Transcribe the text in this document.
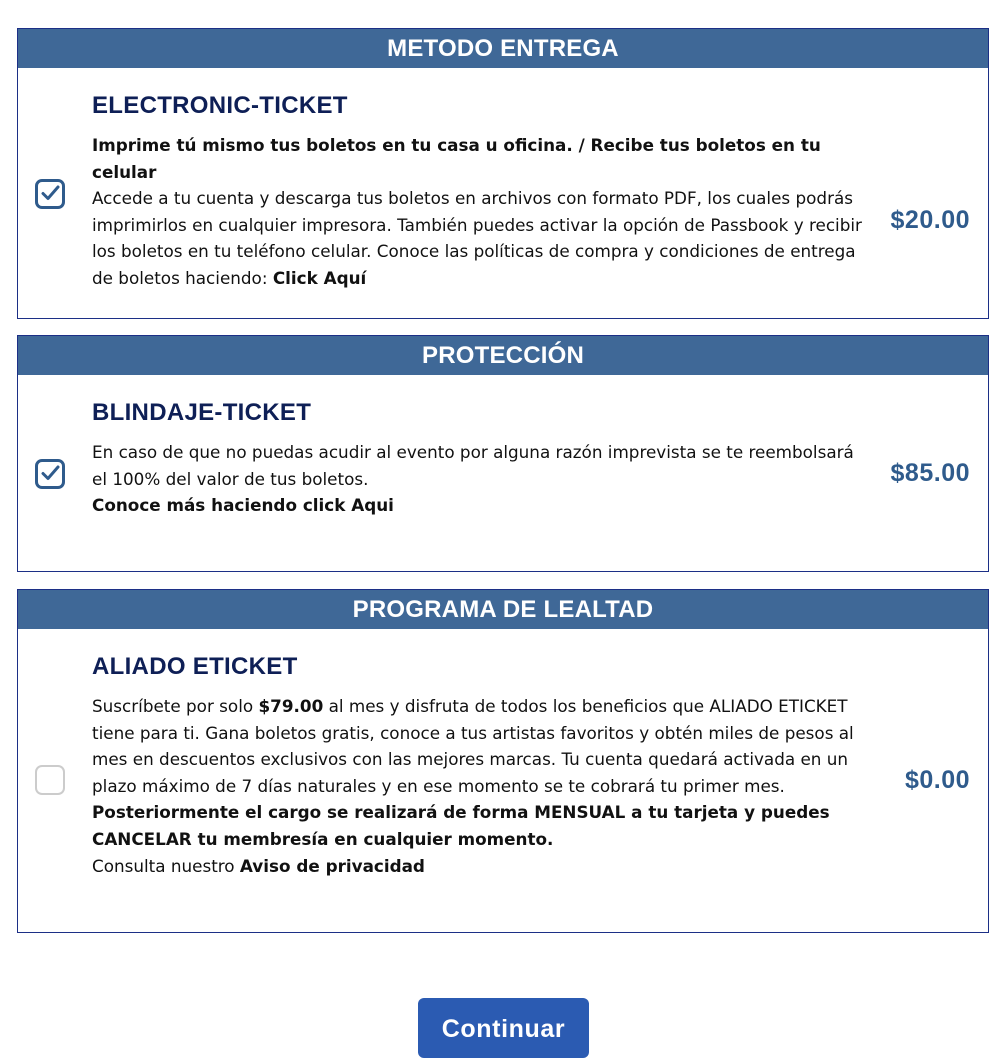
METODO ENTREGA
ELECTRONIC-TICKET
Imprime tú mismo tus boletos en tu casa u oficina. / Recibe tus boletos en tu celular
Accede a tu cuenta y descarga tus boletos en archivos con formato PDF, los cuales podrás imprimirlos en cualquier impresora. También puedes activar la opción de Passbook y recibir los boletos en tu teléfono celular. Conoce las políticas de compra y condiciones de entrega de boletos haciendo: Click Aquí
$20.00
PROTECCIÓN
BLINDAJE-TICKET
En caso de que no puedas acudir al evento por alguna razón imprevista se te reembolsará el 100% del valor de tus boletos.
Conoce más haciendo click Aqui
$85.00
PROGRAMA DE LEALTAD
ALIADO ETICKET
Suscríbete por solo $79.00 al mes y disfruta de todos los beneficios que ALIADO ETICKET tiene para ti. Gana boletos gratis, conoce a tus artistas favoritos y obtén miles de pesos al mes en descuentos exclusivos con las mejores marcas. Tu cuenta quedará activada en un plazo máximo de 7 días naturales y en ese momento se te cobrará tu primer mes. Posteriormente el cargo se realizará de forma MENSUAL a tu tarjeta y puedes CANCELAR tu membresía en cualquier momento.
Consulta nuestro Aviso de privacidad
$0.00
Continuar
